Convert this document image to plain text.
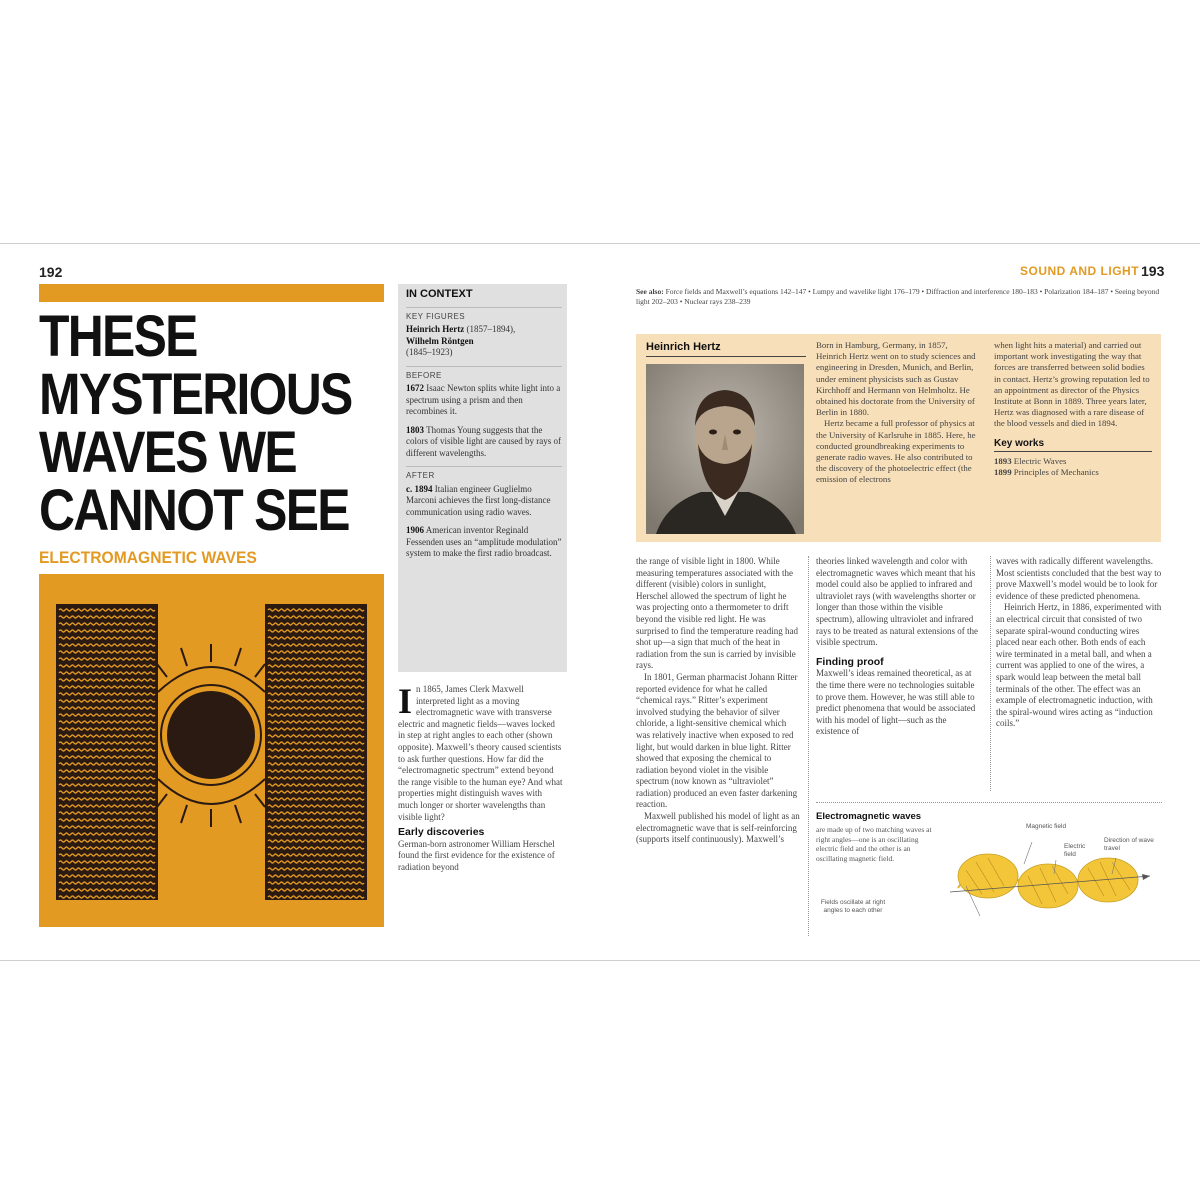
192
THESE
MYSTERIOUS
WAVES WE
CANNOT SEE
ELECTROMAGNETIC WAVES
IN CONTEXT
KEY FIGURES

Heinrich Hertz (1857–1894),
Wilhelm Röntgen
(1845–1923)

BEFORE

1672 Isaac Newton splits white light into a spectrum using a prism and then recombines it.

1803 Thomas Young suggests that the colors of visible light are caused by rays of different wavelengths.

AFTER

c. 1894 Italian engineer Guglielmo Marconi achieves the first long-distance communication using radio waves.

1906 American inventor Reginald Fessenden uses an “amplitude modulation” system to make the first radio broadcast.

I n 1865, James Clerk Maxwell interpreted light as a moving electromagnetic wave with transverse electric and magnetic fields—waves locked in step at right angles to each other (shown opposite). Maxwell’s theory caused scientists to ask further questions. How far did the “electromagnetic spectrum” extend beyond the range visible to the human eye? And what properties might distinguish waves with much longer or shorter wavelengths than visible light?

Early discoveries

German-born astronomer William Herschel found the first evidence for the existence of radiation beyond

SOUND AND LIGHT 193
See also: Force fields and Maxwell’s equations 142–147 • Lumpy and wavelike light 176–179 • Diffraction and interference 180–183 • Polarization 184–187 • Seeing beyond light 202–203 • Nuclear rays 238–239
Heinrich Hertz	Born in Hamburg, Germany, in 1857, Heinrich Hertz went on to study sciences and engineering in Dresden, Munich, and Berlin, under eminent physicists such as Gustav Kirchhoff and Hermann von Helmholtz. He obtained his doctorate from the University of Berlin in 1880.

Hertz became a full professor of physics at the University of Karlsruhe in 1885. Here, he conducted groundbreaking experiments to generate radio waves. He also contributed to the discovery of the photoelectric effect (the emission of electrons

when light hits a material) and carried out important work investigating the way that forces are transferred between solid bodies in contact. Hertz’s growing reputation led to an appointment as director of the Physics Institute at Bonn in 1889. Three years later, Hertz was diagnosed with a rare disease of the blood vessels and died in 1894.

Key works
1893 Electric Waves
1899 Principles of Mechanics

the range of visible light in 1800. While measuring temperatures associated with the different (visible) colors in sunlight, Herschel allowed the spectrum of light he was projecting onto a thermometer to drift beyond the visible red light. He was surprised to find the temperature reading had shot up—a sign that much of the heat in radiation from the sun is carried by invisible rays.

In 1801, German pharmacist Johann Ritter reported evidence for what he called “chemical rays.” Ritter’s experiment involved studying the behavior of silver chloride, a light-sensitive chemical which was relatively inactive when exposed to red light, but would darken in blue light. Ritter showed that exposing the chemical to radiation beyond violet in the visible spectrum (now known as “ultraviolet” radiation) produced an even faster darkening reaction.

Maxwell published his model of light as an electromagnetic wave that is self-reinforcing (supports itself continuously). Maxwell’s

theories linked wavelength and color with electromagnetic waves which meant that his model could also be applied to infrared and ultraviolet rays (with wavelengths shorter or longer than those within the visible spectrum), allowing ultraviolet and infrared rays to be treated as natural extensions of the visible spectrum.

Finding proof

Maxwell’s ideas remained theoretical, as at the time there were no technologies suitable to prove them. However, he was still able to predict phenomena that would be associated with his model of light—such as the existence of

waves with radically different wavelengths. Most scientists concluded that the best way to prove Maxwell’s model would be to look for evidence of these predicted phenomena.

Heinrich Hertz, in 1886, experimented with an electrical circuit that consisted of two separate spiral-wound conducting wires placed near each other. Both ends of each wire terminated in a metal ball, and when a current was applied to one of the wires, a spark would leap between the metal ball terminals of the other. The effect was an example of electromagnetic induction, with the spiral-wound wires acting as “induction coils.”

Electromagnetic waves
are made up of two matching waves at right angles—one is an oscillating electric field and the other is an oscillating magnetic field.
Magnetic field
Electric field
Direction of wave travel
Fields oscillate at right angles to each other
